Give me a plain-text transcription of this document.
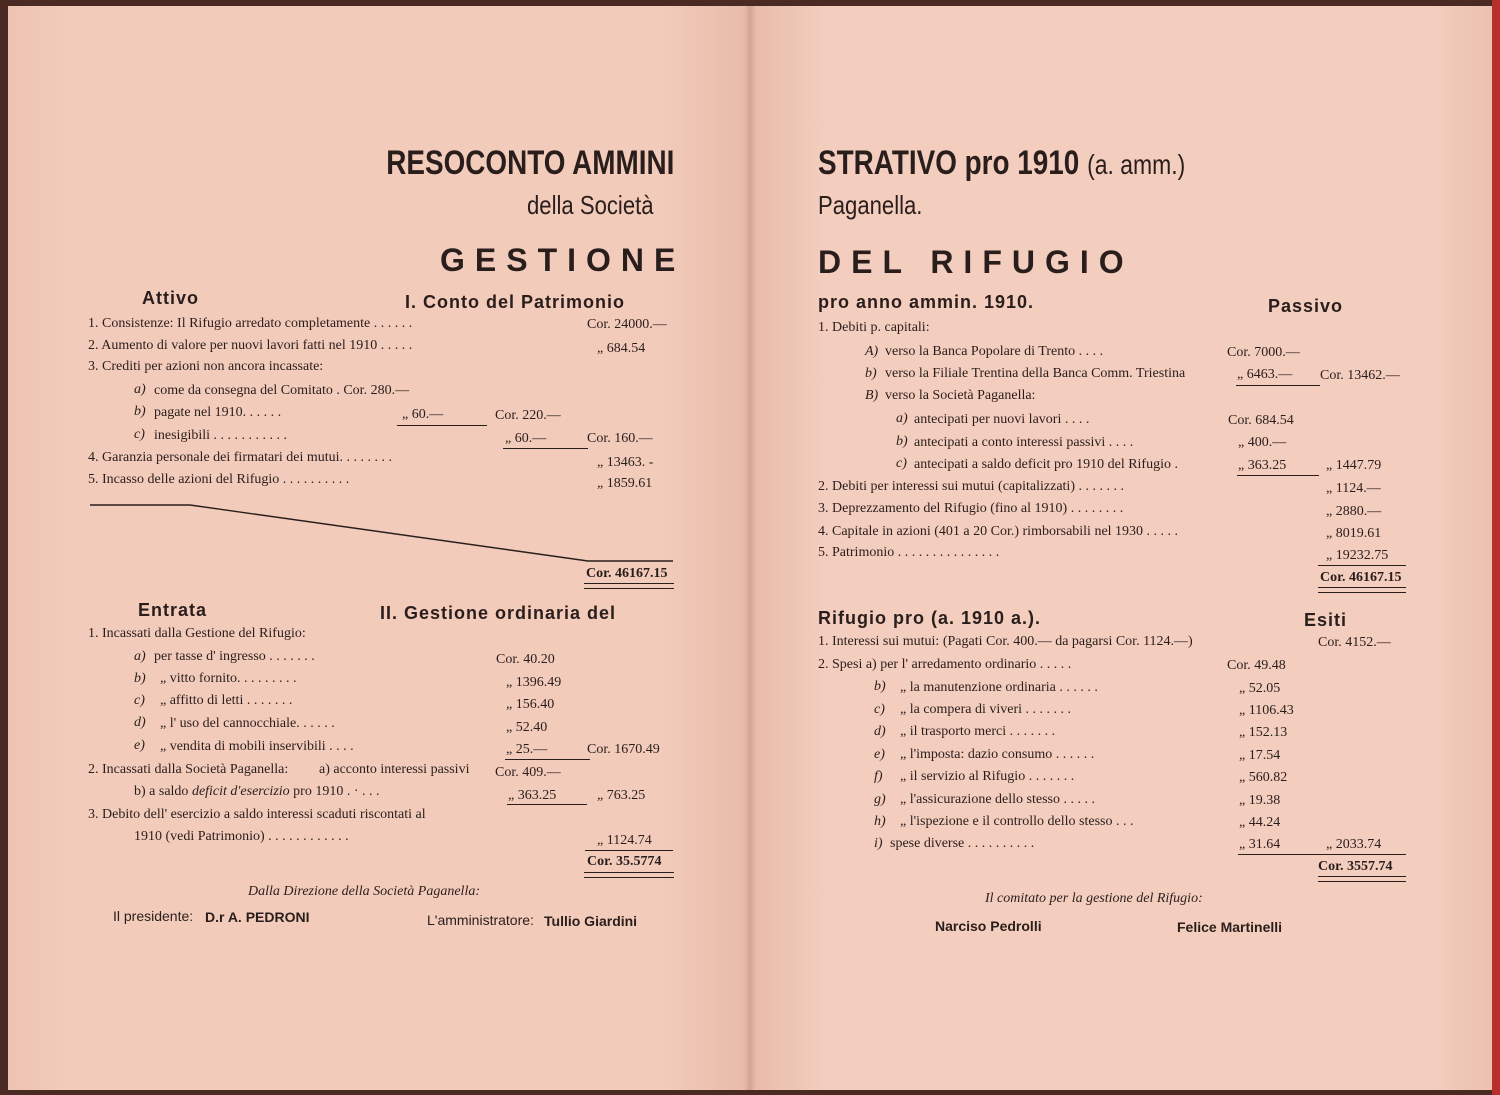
RESOCONTO AMMINI
della Società
GESTIONE
Attivo	I. Conto del Patrimonio
1. Consistenze: Il Rifugio arredato completamente . . . . . .	Cor. 24000.—
2. Aumento di valore per nuovi lavori fatti nel 1910 . . . . .	„ 684.54
3. Crediti per azioni non ancora incassate:
a) come da consegna del Comitato . Cor. 280.—
b) pagate nel 1910. . . . . .	„ 60.—	Cor. 220.—
c) inesigibili . . . . . . . . . . .	„ 60.—	Cor. 160.—
4. Garanzia personale dei firmatari dei mutui. . . . . . . .	„ 13463. -
5. Incasso delle azioni del Rifugio . . . . . . . . . .	„ 1859.61
Cor. 46167.15
Entrata	II. Gestione ordinaria del
1. Incassati dalla Gestione del Rifugio:
a) per tasse d' ingresso . . . . . . .	Cor. 40.20
b) „ vitto fornito. . . . . . . . .	„ 1396.49
c) „ affitto di letti . . . . . . .	„ 156.40
d) „ l' uso del cannocchiale. . . . . .	„ 52.40
e) „ vendita di mobili inservibili . . . .	„ 25.—	Cor. 1670.49
2. Incassati dalla Società Paganella: a) acconto interessi passivi Cor. 409.—
b) a saldo deficit d'esercizio pro 1910 . · . . .	„ 363.25	„ 763.25
3. Debito dell' esercizio a saldo interessi scaduti riscontati al
1910 (vedi Patrimonio) . . . . . . . . . . . .	„ 1124.74
Cor. 35.5774
Dalla Direzione della Società Paganella:
Il presidente: D.r A. PEDRONI	L'amministratore: Tullio Giardini
STRATIVO pro 1910 (a. amm.)
Paganella.
DEL RIFUGIO
pro anno ammin. 1910.	Passivo
1. Debiti p. capitali:
A) verso la Banca Popolare di Trento . . . .	Cor. 7000.—
b) verso la Filiale Trentina della Banca Comm. Triestina	„ 6463.— Cor. 13462.—
B) verso la Società Paganella:
a) antecipati per nuovi lavori . . . .	Cor. 684.54
b) antecipati a conto interessi passivi . . . .	„ 400.—
c) antecipati a saldo deficit pro 1910 del Rifugio .	„ 363.25	„ 1447.79
2. Debiti per interessi sui mutui (capitalizzati) . . . . . . .	„ 1124.—
3. Deprezzamento del Rifugio (fino al 1910) . . . . . . . .	„ 2880.—
4. Capitale in azioni (401 a 20 Cor.) rimborsabili nel 1930 . . . . .	„ 8019.61
5. Patrimonio . . . . . . . . . . . . . . .	„ 19232.75
Cor. 46167.15
Rifugio pro (a. 1910 a.).	Esiti
1. Interessi sui mutui: (Pagati Cor. 400.— da pagarsi Cor. 1124.—)	Cor. 4152.—
2. Spesi a) per l' arredamento ordinario . . . . .	Cor. 49.48
b) „ la manutenzione ordinaria . . . . . .	„ 52.05
c) „ la compera di viveri . . . . . . .	„ 1106.43
d) „ il trasporto merci . . . . . . .	„ 152.13
e) „ l'imposta: dazio consumo . . . . . .	„ 17.54
f) „ il servizio al Rifugio . . . . . . .	„ 560.82
g) „ l'assicurazione dello stesso . . . . .	„ 19.38
h) „ l'ispezione e il controllo dello stesso . . .	„ 44.24
i) spese diverse . . . . . . . . . .	„ 31.64	„ 2033.74
Cor. 3557.74
Il comitato per la gestione del Rifugio:
Narciso Pedrolli	Felice Martinelli
